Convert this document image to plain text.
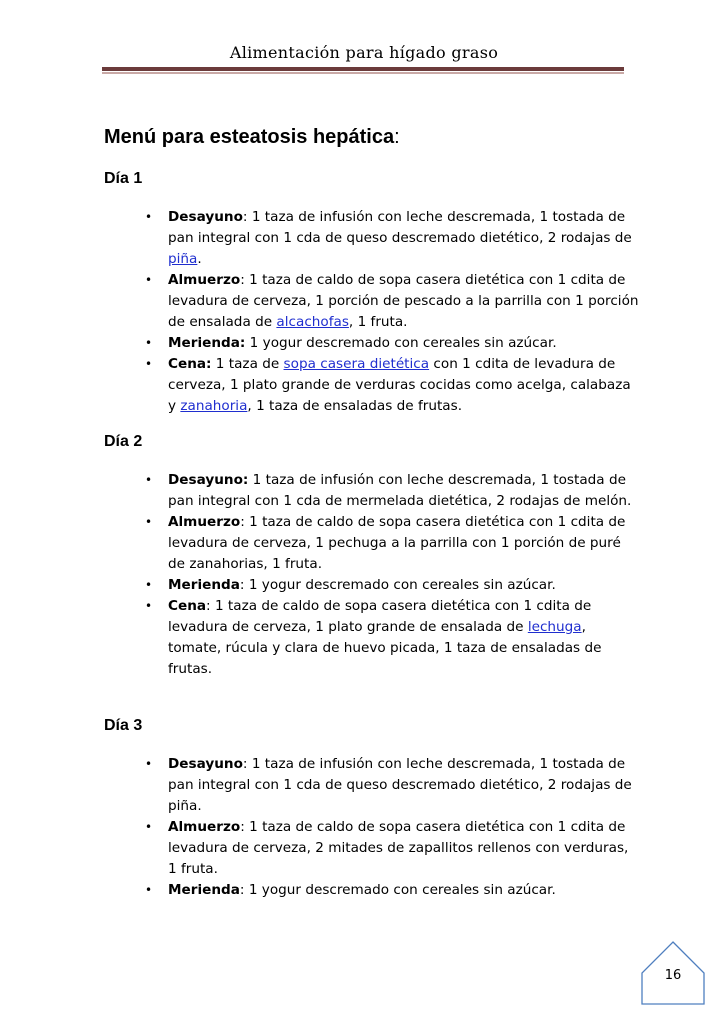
Alimentación para hígado graso
Menú para esteatosis hepática:
Día 1
• Desayuno: 1 taza de infusión con leche descremada, 1 tostada de pan integral con 1 cda de queso descremado dietético, 2 rodajas de piña.
• Almuerzo: 1 taza de caldo de sopa casera dietética con 1 cdita de levadura de cerveza, 1 porción de pescado a la parrilla con 1 porción de ensalada de alcachofas, 1 fruta.
• Merienda: 1 yogur descremado con cereales sin azúcar.
• Cena: 1 taza de sopa casera dietética con 1 cdita de levadura de cerveza, 1 plato grande de verduras cocidas como acelga, calabaza y zanahoria, 1 taza de ensaladas de frutas.
Día 2
• Desayuno: 1 taza de infusión con leche descremada, 1 tostada de pan integral con 1 cda de mermelada dietética, 2 rodajas de melón.
• Almuerzo: 1 taza de caldo de sopa casera dietética con 1 cdita de levadura de cerveza, 1 pechuga a la parrilla con 1 porción de puré de zanahorias, 1 fruta.
• Merienda: 1 yogur descremado con cereales sin azúcar.
• Cena: 1 taza de caldo de sopa casera dietética con 1 cdita de levadura de cerveza, 1 plato grande de ensalada de lechuga, tomate, rúcula y clara de huevo picada, 1 taza de ensaladas de frutas.
Día 3
• Desayuno: 1 taza de infusión con leche descremada, 1 tostada de pan integral con 1 cda de queso descremado dietético, 2 rodajas de piña.
• Almuerzo: 1 taza de caldo de sopa casera dietética con 1 cdita de levadura de cerveza, 2 mitades de zapallitos rellenos con verduras, 1 fruta.
• Merienda: 1 yogur descremado con cereales sin azúcar.
16
